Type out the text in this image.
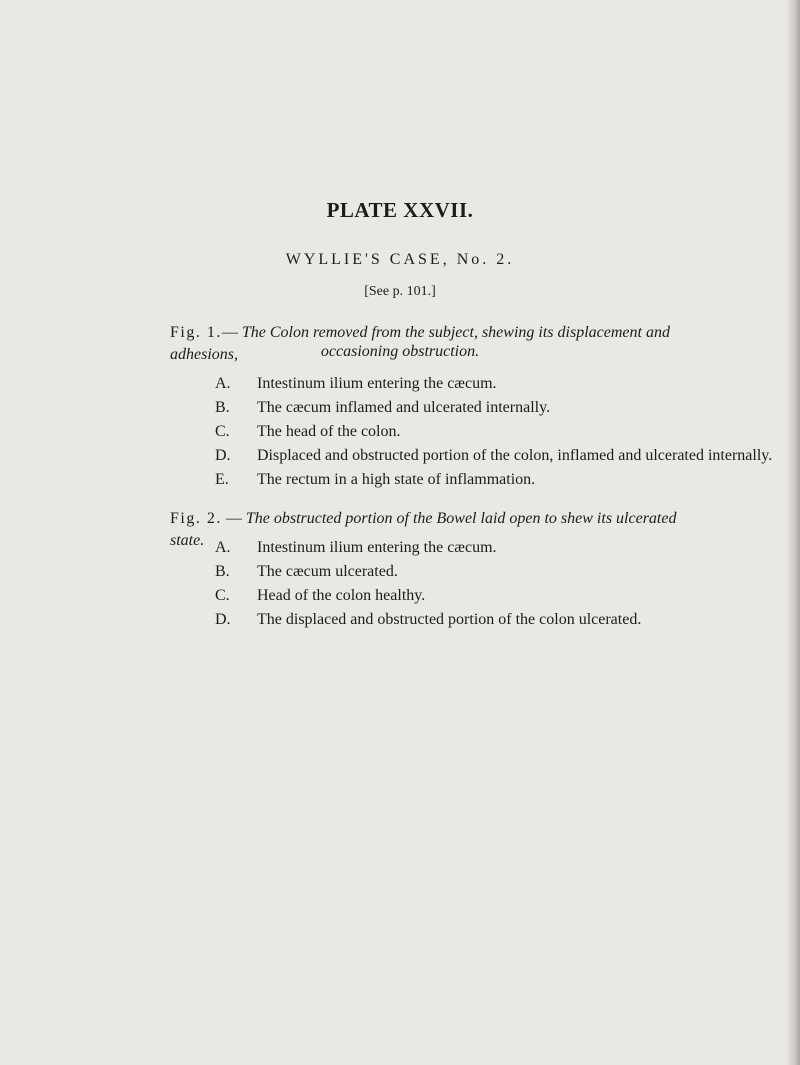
PLATE XXVII.
WYLLIE'S CASE, No. 2.
[See p. 101.]
Fig. 1.— The Colon removed from the subject, shewing its displacement and adhesions,	occasioning obstruction.
A. Intestinum ilium entering the cæcum.
B. The cæcum inflamed and ulcerated internally.
C. The head of the colon.
D. Displaced and obstructed portion of the colon, inflamed and ulcerated internally.
E. The rectum in a high state of inflammation.
Fig. 2. — The obstructed portion of the Bowel laid open to shew its ulcerated state. A. Intestinum ilium entering the cæcum.
B. The cæcum ulcerated.
C. Head of the colon healthy.
D. The displaced and obstructed portion of the colon ulcerated.
